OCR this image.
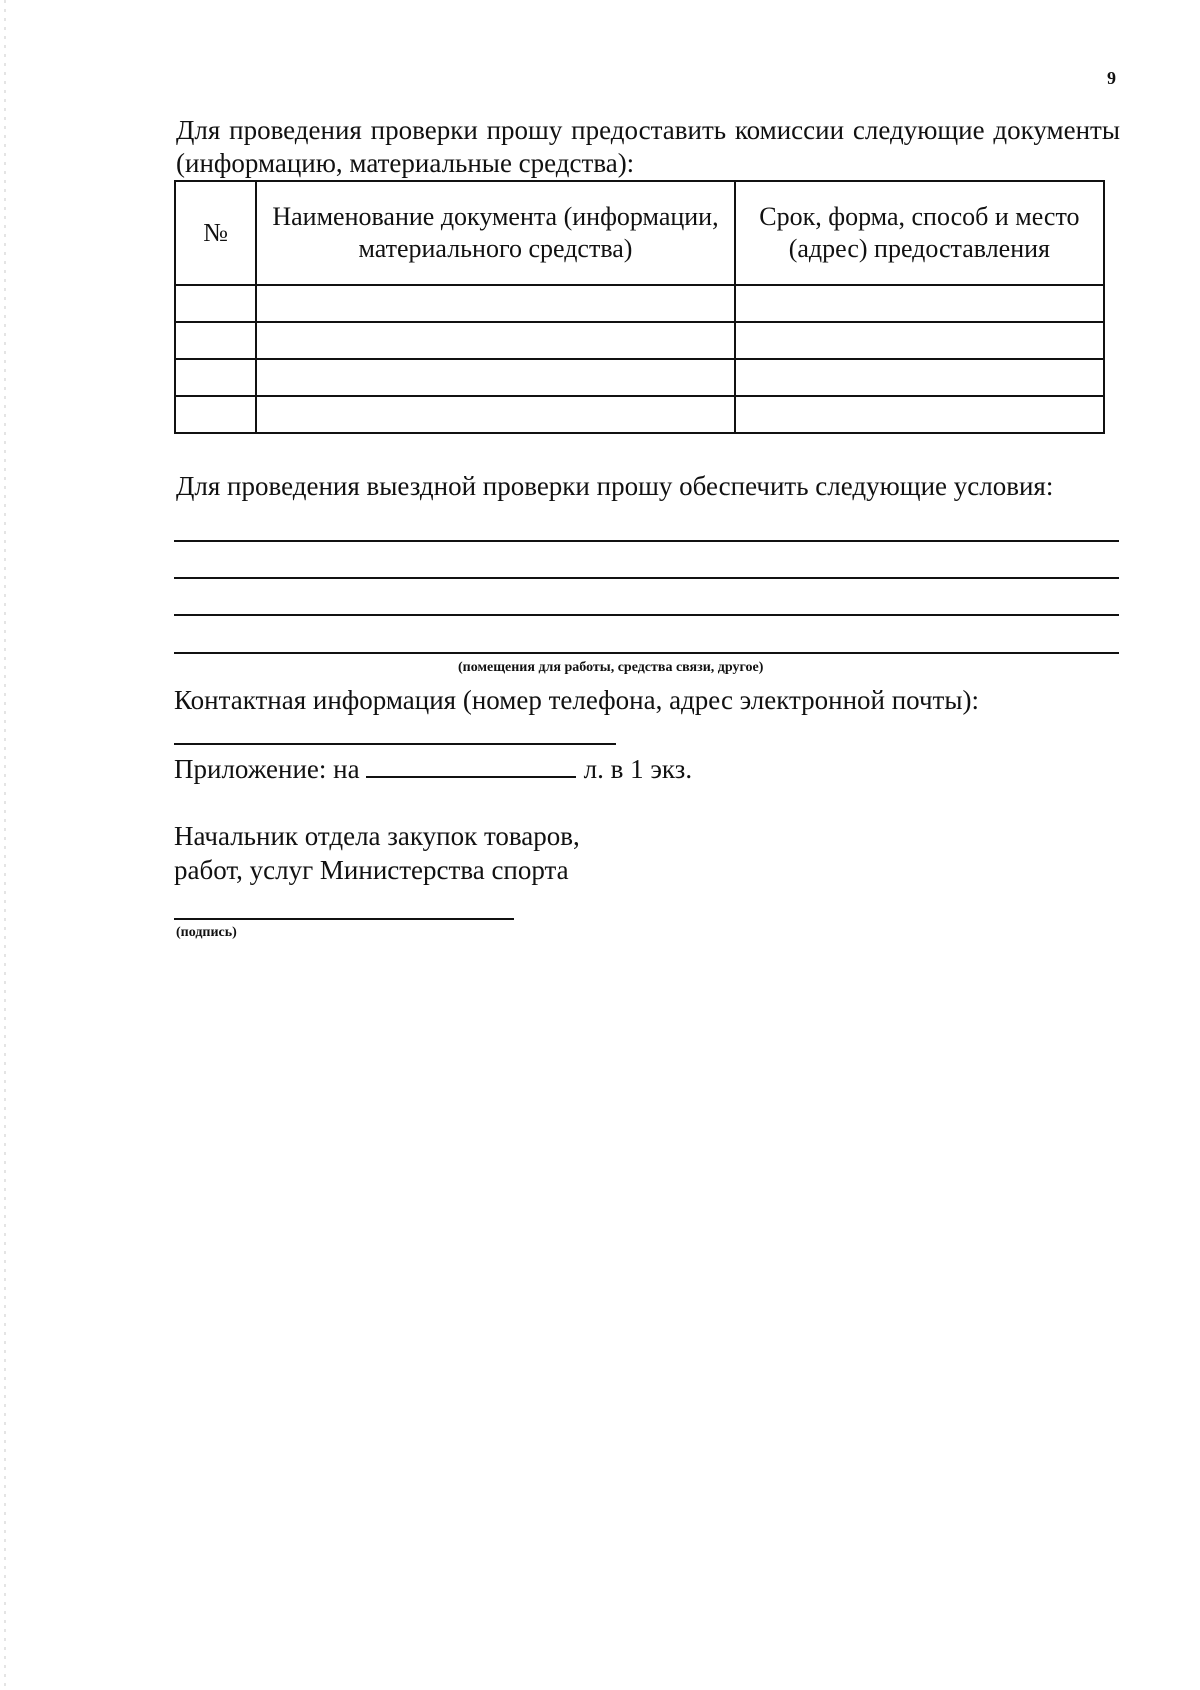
9
Для проведения проверки прошу предоставить комиссии следующие документы (информацию, материальные средства):
№	Наименование документа (информации, материального средства)	Срок, форма, способ и место (адрес) предоставления

Для проведения выездной проверки прошу обеспечить следующие условия:
(помещения для работы, средства связи, другое)
Контактная информация (номер телефона, адрес электронной почты):
Приложение: на	л. в 1 экз.
Начальник отдела закупок товаров,
работ, услуг Министерства спорта
(подпись)
